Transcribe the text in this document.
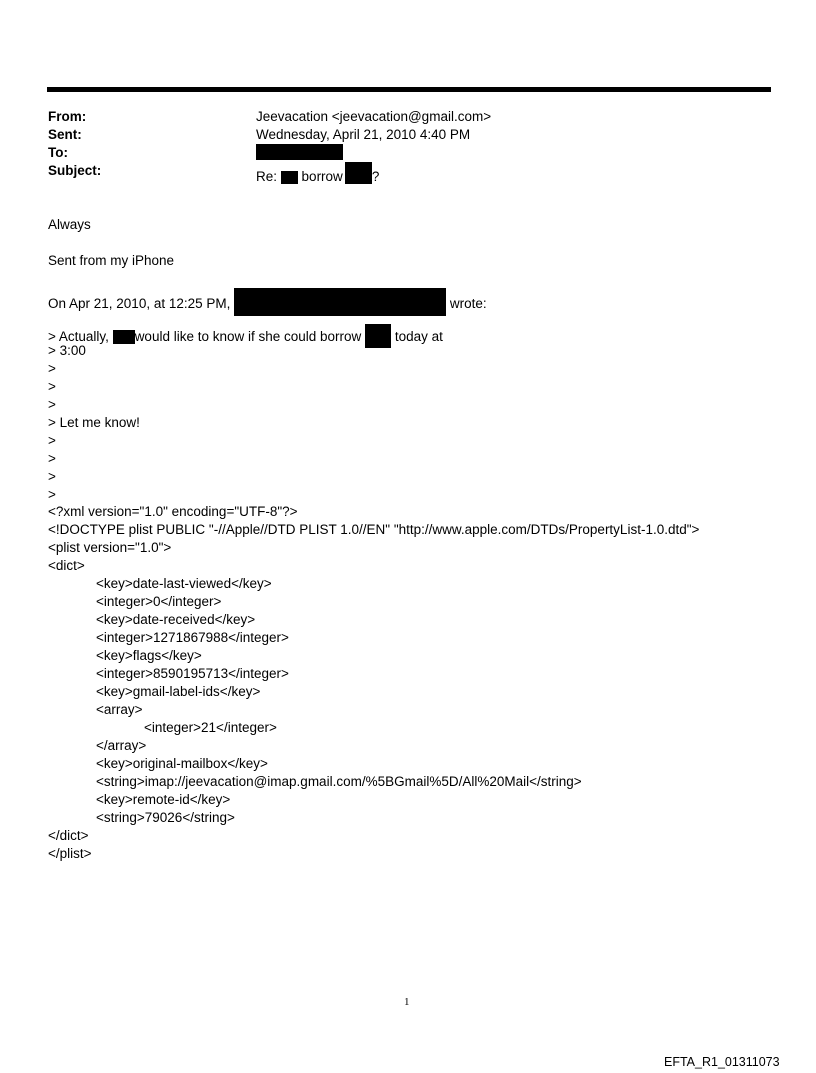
From:	Jeevacation <jeevacation@gmail.com>
Sent:	Wednesday, April 21, 2010 4:40 PM
To:
Subject:	Re: borrow ?
Always
Sent from my iPhone
On Apr 21, 2010, at 12:25 PM,	wrote:
> Actually, would like to know if she could borrow today at
> 3:00
>
>
>
> Let me know!
>
>
>
>
<?xml version="1.0" encoding="UTF-8"?>
<!DOCTYPE plist PUBLIC "-//Apple//DTD PLIST 1.0//EN" "http://www.apple.com/DTDs/PropertyList-1.0.dtd">
<plist version="1.0">
<dict>
<key>date-last-viewed</key>
<integer>0</integer>
<key>date-received</key>
<integer>1271867988</integer>
<key>flags</key>
<integer>8590195713</integer>
<key>gmail-label-ids</key>
<array>
<integer>21</integer>
</array>
<key>original-mailbox</key>
<string>imap://jeevacation@imap.gmail.com/%5BGmail%5D/All%20Mail</string>
<key>remote-id</key>
<string>79026</string>
</dict>
</plist>
1
EFTA_R1_01311073
